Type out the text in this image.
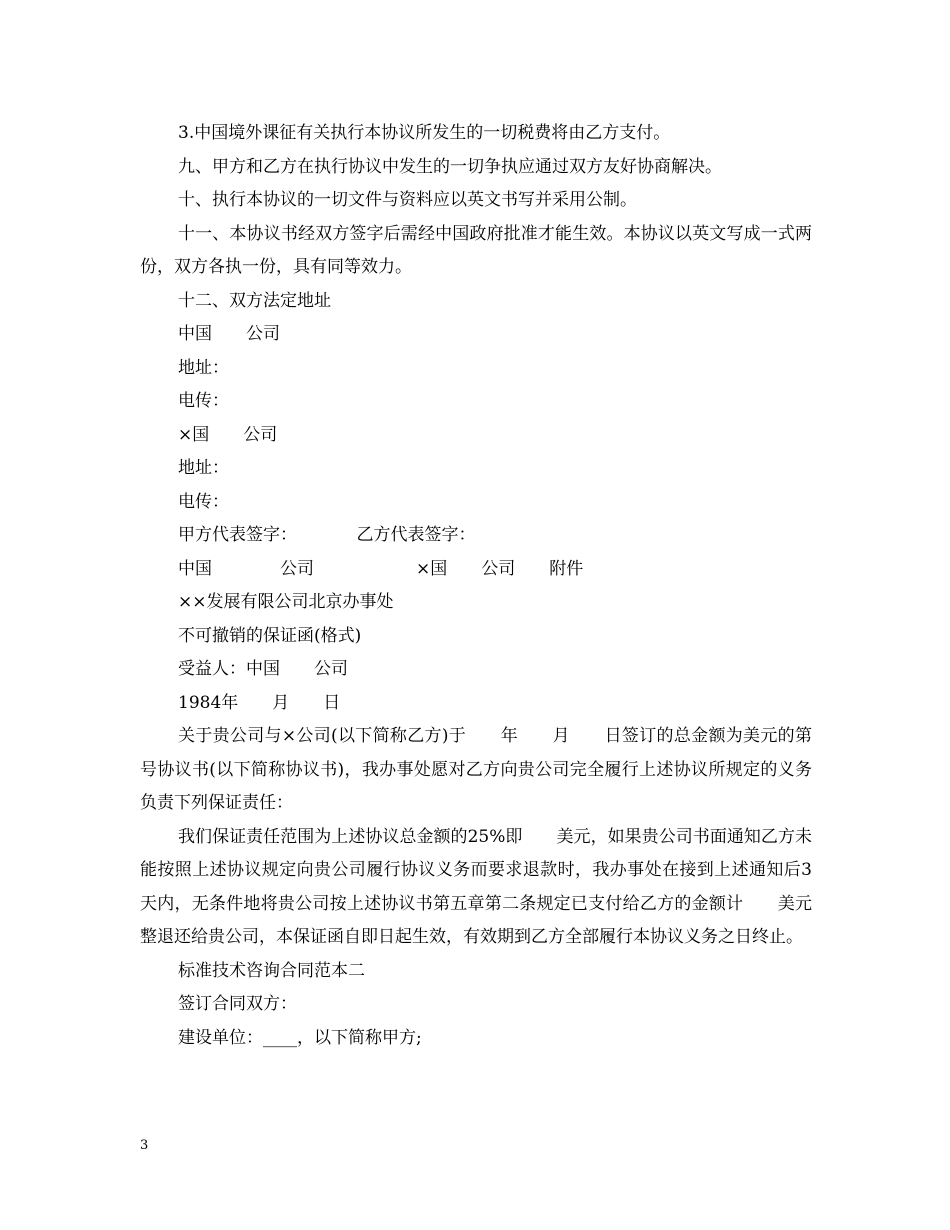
3.中国境外课征有关执行本协议所发生的一切税费将由乙方支付。

九、甲方和乙方在执行协议中发生的一切争执应通过双方友好协商解决。

十、执行本协议的一切文件与资料应以英文书写并采用公制。

十一、本协议书经双方签字后需经中国政府批准才能生效。本协议以英文写成一式两份，双方各执一份，具有同等效力。

十二、双方法定地址

中国　　公司

地址：

电传：

×国　　公司

地址：

电传：

甲方代表签字：　　　　乙方代表签字：

中国　　　　公司　　　　　　×国　　公司　　附件

××发展有限公司北京办事处

不可撤销的保证函(格式)

受益人：中国　　公司

1984年　　月　　日

关于贵公司与×公司(以下简称乙方)于　　年　　月　　日签订的总金额为美元的第　　号协议书(以下简称协议书)，我办事处愿对乙方向贵公司完全履行上述协议所规定的义务负责下列保证责任：

我们保证责任范围为上述协议总金额的25%即　　美元，如果贵公司书面通知乙方未能按照上述协议规定向贵公司履行协议义务而要求退款时，我办事处在接到上述通知后3天内，无条件地将贵公司按上述协议书第五章第二条规定已支付给乙方的金额计　　美元整退还给贵公司，本保证函自即日起生效，有效期到乙方全部履行本协议义务之日终止。

标准技术咨询合同范本二

签订合同双方：

建设单位：____，以下简称甲方;

3
